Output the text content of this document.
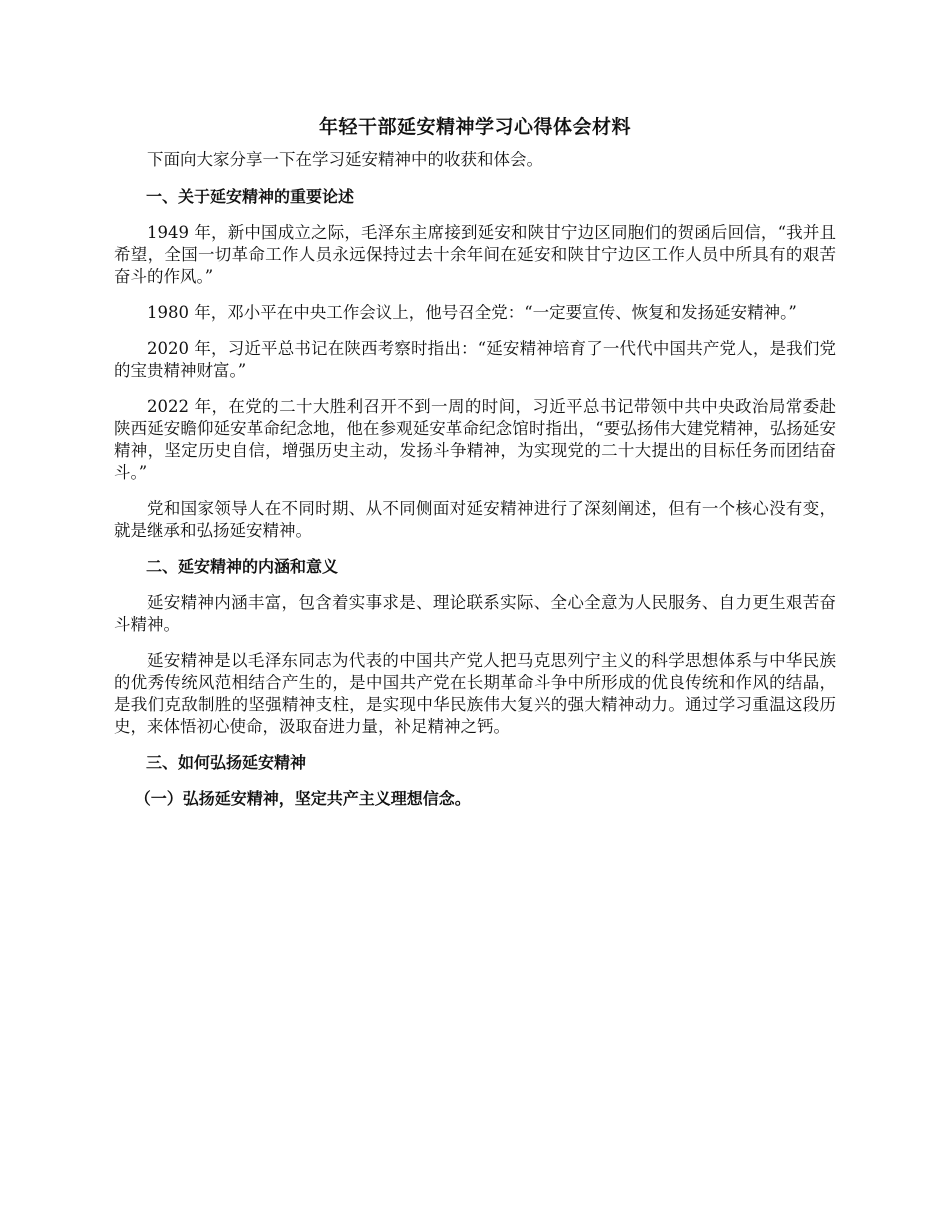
年轻干部延安精神学习心得体会材料

下面向大家分享一下在学习延安精神中的收获和体会。

一、关于延安精神的重要论述

1949 年，新中国成立之际，毛泽东主席接到延安和陕甘宁边区同胞们的贺函后回信，“我并且希望，全国一切革命工作人员永远保持过去十余年间在延安和陕甘宁边区工作人员中所具有的艰苦奋斗的作风。”

1980 年，邓小平在中央工作会议上，他号召全党：“一定要宣传、恢复和发扬延安精神。”

2020 年，习近平总书记在陕西考察时指出：“延安精神培育了一代代中国共产党人，是我们党的宝贵精神财富。”

2022 年，在党的二十大胜利召开不到一周的时间，习近平总书记带领中共中央政治局常委赴陕西延安瞻仰延安革命纪念地，他在参观延安革命纪念馆时指出，“要弘扬伟大建党精神，弘扬延安精神，坚定历史自信，增强历史主动，发扬斗争精神，为实现党的二十大提出的目标任务而团结奋斗。”

党和国家领导人在不同时期、从不同侧面对延安精神进行了深刻阐述，但有一个核心没有变，就是继承和弘扬延安精神。

二、延安精神的内涵和意义

延安精神内涵丰富，包含着实事求是、理论联系实际、全心全意为人民服务、自力更生艰苦奋斗精神。

延安精神是以毛泽东同志为代表的中国共产党人把马克思列宁主义的科学思想体系与中华民族的优秀传统风范相结合产生的，是中国共产党在长期革命斗争中所形成的优良传统和作风的结晶，是我们克敌制胜的坚强精神支柱，是实现中华民族伟大复兴的强大精神动力。通过学习重温这段历史，来体悟初心使命，汲取奋进力量，补足精神之钙。

三、如何弘扬延安精神
（一）弘扬延安精神，坚定共产主义理想信念。
